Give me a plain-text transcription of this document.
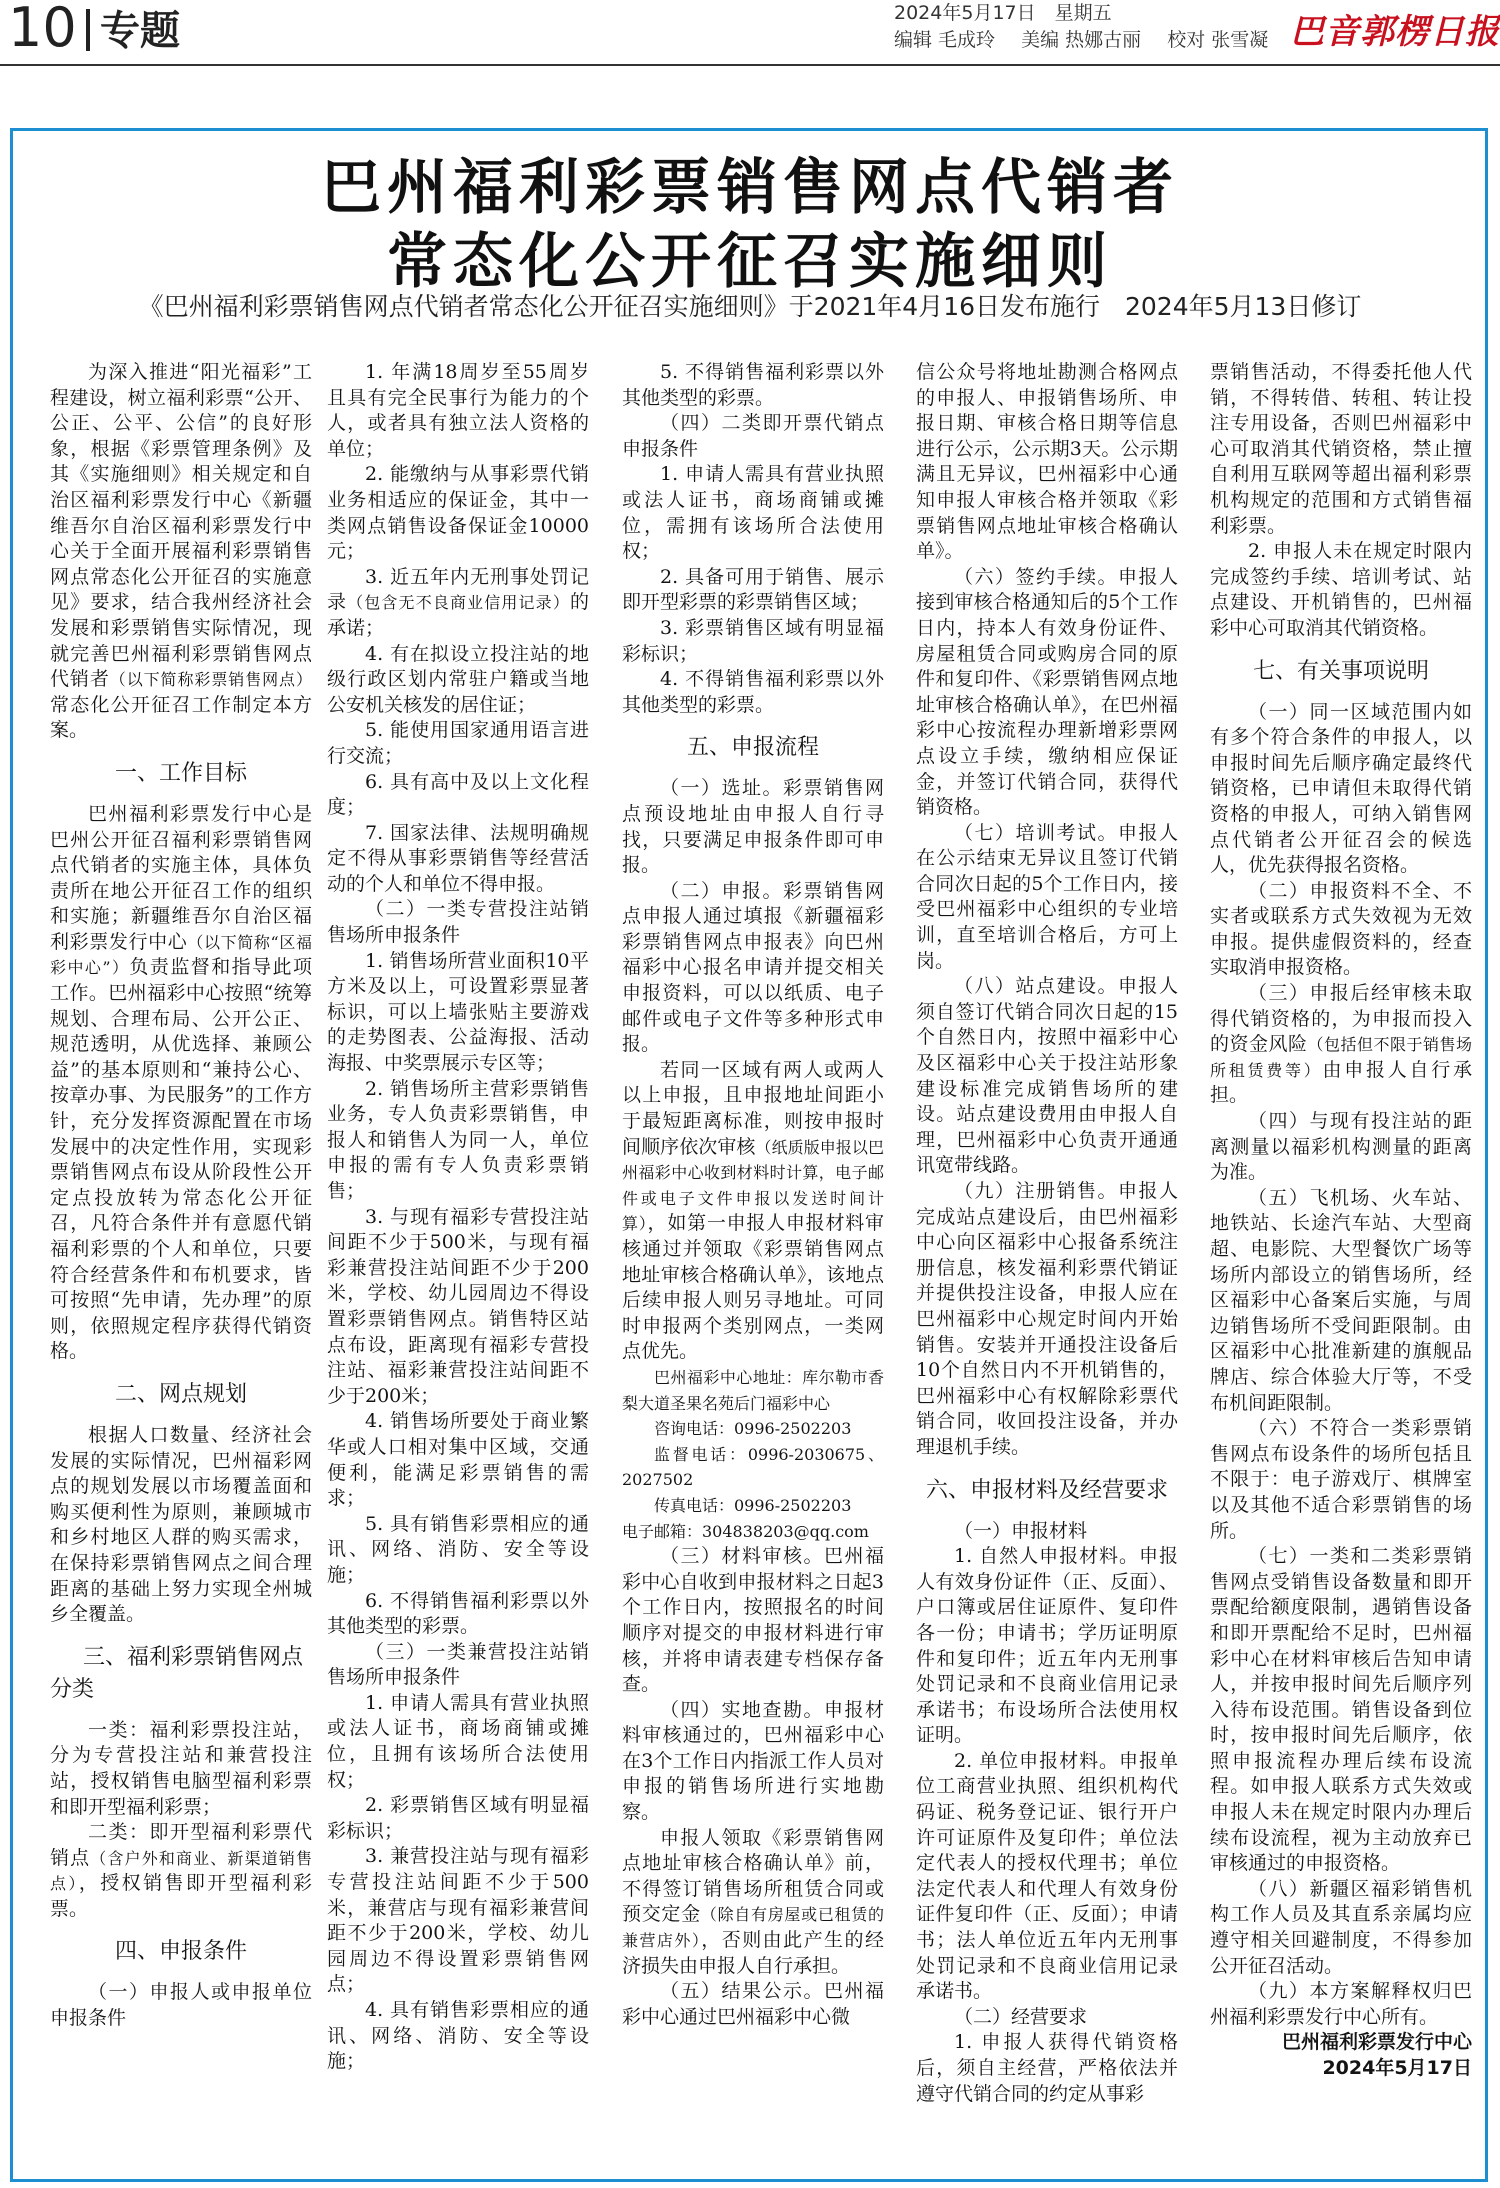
10 专题	2024年5月17日　星期五
编辑 毛成玲 美编 热娜古丽 校对 张雪凝 巴音郭楞日报
巴州福利彩票销售网点代销者
常态化公开征召实施细则
《巴州福利彩票销售网点代销者常态化公开征召实施细则》于2021年4月16日发布施行　2024年5月13日修订

为深入推进“阳光福彩”工程建设，树立福利彩票“公开、公正、公平、公信”的良好形象，根据《彩票管理条例》及其《实施细则》相关规定和自治区福利彩票发行中心《新疆维吾尔自治区福利彩票发行中心关于全面开展福利彩票销售网点常态化公开征召的实施意见》要求，结合我州经济社会发展和彩票销售实际情况，现就完善巴州福利彩票销售网点代销者（以下简称彩票销售网点）常态化公开征召工作制定本方案。

一、工作目标

巴州福利彩票发行中心是巴州公开征召福利彩票销售网点代销者的实施主体，具体负责所在地公开征召工作的组织和实施；新疆维吾尔自治区福利彩票发行中心（以下简称“区福彩中心”）负责监督和指导此项工作。巴州福彩中心按照“统筹规划、合理布局、公开公正、规范透明，从优选择、兼顾公益”的基本原则和“兼持公心、按章办事、为民服务”的工作方针，充分发挥资源配置在市场发展中的决定性作用，实现彩票销售网点布设从阶段性公开定点投放转为常态化公开征召，凡符合条件并有意愿代销福利彩票的个人和单位，只要符合经营条件和布机要求，皆可按照“先申请，先办理”的原则，依照规定程序获得代销资格。

二、网点规划

根据人口数量、经济社会发展的实际情况，巴州福彩网点的规划发展以市场覆盖面和购买便利性为原则，兼顾城市和乡村地区人群的购买需求，在保持彩票销售网点之间合理距离的基础上努力实现全州城乡全覆盖。

三、福利彩票销售网点分类

一类：福利彩票投注站，分为专营投注站和兼营投注站，授权销售电脑型福利彩票和即开型福利彩票；

二类：即开型福利彩票代销点（含户外和商业、新渠道销售点），授权销售即开型福利彩票。

四、申报条件

（一）申报人或申报单位申报条件

1. 年满18周岁至55周岁且具有完全民事行为能力的个人，或者具有独立法人资格的单位；

2. 能缴纳与从事彩票代销业务相适应的保证金，其中一类网点销售设备保证金10000元；

3. 近五年内无刑事处罚记录（包含无不良商业信用记录）的承诺；

4. 有在拟设立投注站的地级行政区划内常驻户籍或当地公安机关核发的居住证；

5. 能使用国家通用语言进行交流；

6. 具有高中及以上文化程度；

7. 国家法律、法规明确规定不得从事彩票销售等经营活动的个人和单位不得申报。

（二）一类专营投注站销售场所申报条件

1. 销售场所营业面积10平方米及以上，可设置彩票显著标识，可以上墙张贴主要游戏的走势图表、公益海报、活动海报、中奖票展示专区等；

2. 销售场所主营彩票销售业务，专人负责彩票销售，申报人和销售人为同一人，单位申报的需有专人负责彩票销售；

3. 与现有福彩专营投注站间距不少于500米，与现有福彩兼营投注站间距不少于200米，学校、幼儿园周边不得设置彩票销售网点。销售特区站点布设，距离现有福彩专营投注站、福彩兼营投注站间距不少于200米；

4. 销售场所要处于商业繁华或人口相对集中区域，交通便利，能满足彩票销售的需求；

5. 具有销售彩票相应的通讯、网络、消防、安全等设施；

6. 不得销售福利彩票以外其他类型的彩票。

（三）一类兼营投注站销售场所申报条件

1. 申请人需具有营业执照或法人证书，商场商铺或摊位，且拥有该场所合法使用权；

2. 彩票销售区域有明显福彩标识；

3. 兼营投注站与现有福彩专营投注站间距不少于500米，兼营店与现有福彩兼营间距不少于200米，学校、幼儿园周边不得设置彩票销售网点；

4. 具有销售彩票相应的通讯、网络、消防、安全等设施；

5. 不得销售福利彩票以外其他类型的彩票。

（四）二类即开票代销点申报条件

1. 申请人需具有营业执照或法人证书，商场商铺或摊位，需拥有该场所合法使用权；

2. 具备可用于销售、展示即开型彩票的彩票销售区域；

3. 彩票销售区域有明显福彩标识；

4. 不得销售福利彩票以外其他类型的彩票。

五、申报流程

（一）选址。彩票销售网点预设地址由申报人自行寻找，只要满足申报条件即可申报。

（二）申报。彩票销售网点申报人通过填报《新疆福彩彩票销售网点申报表》向巴州福彩中心报名申请并提交相关申报资料，可以以纸质、电子邮件或电子文件等多种形式申报。

若同一区域有两人或两人以上申报，且申报地址间距小于最短距离标准，则按申报时间顺序依次审核（纸质版申报以巴州福彩中心收到材料时计算，电子邮件或电子文件申报以发送时间计算），如第一申报人申报材料审核通过并领取《彩票销售网点地址审核合格确认单》，该地点后续申报人则另寻地址。可同时申报两个类别网点，一类网点优先。

巴州福彩中心地址：库尔勒市香梨大道圣果名苑后门福彩中心

咨询电话：0996-2502203

监督电话：0996-2030675、2027502

传真电话：0996-2502203

电子邮箱：304838203@qq.com

（三）材料审核。巴州福彩中心自收到申报材料之日起3个工作日内，按照报名的时间顺序对提交的申报材料进行审核，并将申请表建专档保存备查。

（四）实地查勘。申报材料审核通过的，巴州福彩中心在3个工作日内指派工作人员对申报的销售场所进行实地勘察。

申报人领取《彩票销售网点地址审核合格确认单》前，不得签订销售场所租赁合同或预交定金（除自有房屋或已租赁的兼营店外），否则由此产生的经济损失由申报人自行承担。

（五）结果公示。巴州福彩中心通过巴州福彩中心微

信公众号将地址勘测合格网点的申报人、申报销售场所、申报日期、审核合格日期等信息进行公示，公示期3天。公示期满且无异议，巴州福彩中心通知申报人审核合格并领取《彩票销售网点地址审核合格确认单》。

（六）签约手续。申报人接到审核合格通知后的5个工作日内，持本人有效身份证件、房屋租赁合同或购房合同的原件和复印件、《彩票销售网点地址审核合格确认单》，在巴州福彩中心按流程办理新增彩票网点设立手续，缴纳相应保证金，并签订代销合同，获得代销资格。

（七）培训考试。申报人在公示结束无异议且签订代销合同次日起的5个工作日内，接受巴州福彩中心组织的专业培训，直至培训合格后，方可上岗。

（八）站点建设。申报人须自签订代销合同次日起的15个自然日内，按照中福彩中心及区福彩中心关于投注站形象建设标准完成销售场所的建设。站点建设费用由申报人自理，巴州福彩中心负责开通通讯宽带线路。

（九）注册销售。申报人完成站点建设后，由巴州福彩中心向区福彩中心报备系统注册信息，核发福利彩票代销证并提供投注设备，申报人应在巴州福彩中心规定时间内开始销售。安装并开通投注设备后10个自然日内不开机销售的，巴州福彩中心有权解除彩票代销合同，收回投注设备，并办理退机手续。

六、申报材料及经营要求

（一）申报材料

1. 自然人申报材料。申报人有效身份证件（正、反面）、户口簿或居住证原件、复印件各一份；申请书；学历证明原件和复印件；近五年内无刑事处罚记录和不良商业信用记录承诺书；布设场所合法使用权证明。

2. 单位申报材料。申报单位工商营业执照、组织机构代码证、税务登记证、银行开户许可证原件及复印件；单位法定代表人的授权代理书；单位法定代表人和代理人有效身份证件复印件（正、反面）；申请书；法人单位近五年内无刑事处罚记录和不良商业信用记录承诺书。

（二）经营要求

1. 申报人获得代销资格后，须自主经营，严格依法并遵守代销合同的约定从事彩

票销售活动，不得委托他人代销，不得转借、转租、转让投注专用设备，否则巴州福彩中心可取消其代销资格，禁止擅自利用互联网等超出福利彩票机构规定的范围和方式销售福利彩票。

2. 申报人未在规定时限内完成签约手续、培训考试、站点建设、开机销售的，巴州福彩中心可取消其代销资格。

七、有关事项说明

（一）同一区域范围内如有多个符合条件的申报人，以申报时间先后顺序确定最终代销资格，已申请但未取得代销资格的申报人，可纳入销售网点代销者公开征召会的候选人，优先获得报名资格。

（二）申报资料不全、不实者或联系方式失效视为无效申报。提供虚假资料的，经查实取消申报资格。

（三）申报后经审核未取得代销资格的，为申报而投入的资金风险（包括但不限于销售场所租赁费等）由申报人自行承担。

（四）与现有投注站的距离测量以福彩机构测量的距离为准。

（五）飞机场、火车站、地铁站、长途汽车站、大型商超、电影院、大型餐饮广场等场所内部设立的销售场所，经区福彩中心备案后实施，与周边销售场所不受间距限制。由区福彩中心批准新建的旗舰品牌店、综合体验大厅等，不受布机间距限制。

（六）不符合一类彩票销售网点布设条件的场所包括且不限于：电子游戏厅、棋牌室以及其他不适合彩票销售的场所。

（七）一类和二类彩票销售网点受销售设备数量和即开票配给额度限制，遇销售设备和即开票配给不足时，巴州福彩中心在材料审核后告知申请人，并按申报时间先后顺序列入待布设范围。销售设备到位时，按申报时间先后顺序，依照申报流程办理后续布设流程。如申报人联系方式失效或申报人未在规定时限内办理后续布设流程，视为主动放弃已审核通过的申报资格。

（八）新疆区福彩销售机构工作人员及其直系亲属均应遵守相关回避制度，不得参加公开征召活动。

（九）本方案解释权归巴州福利彩票发行中心所有。

巴州福利彩票发行中心

2024年5月17日
